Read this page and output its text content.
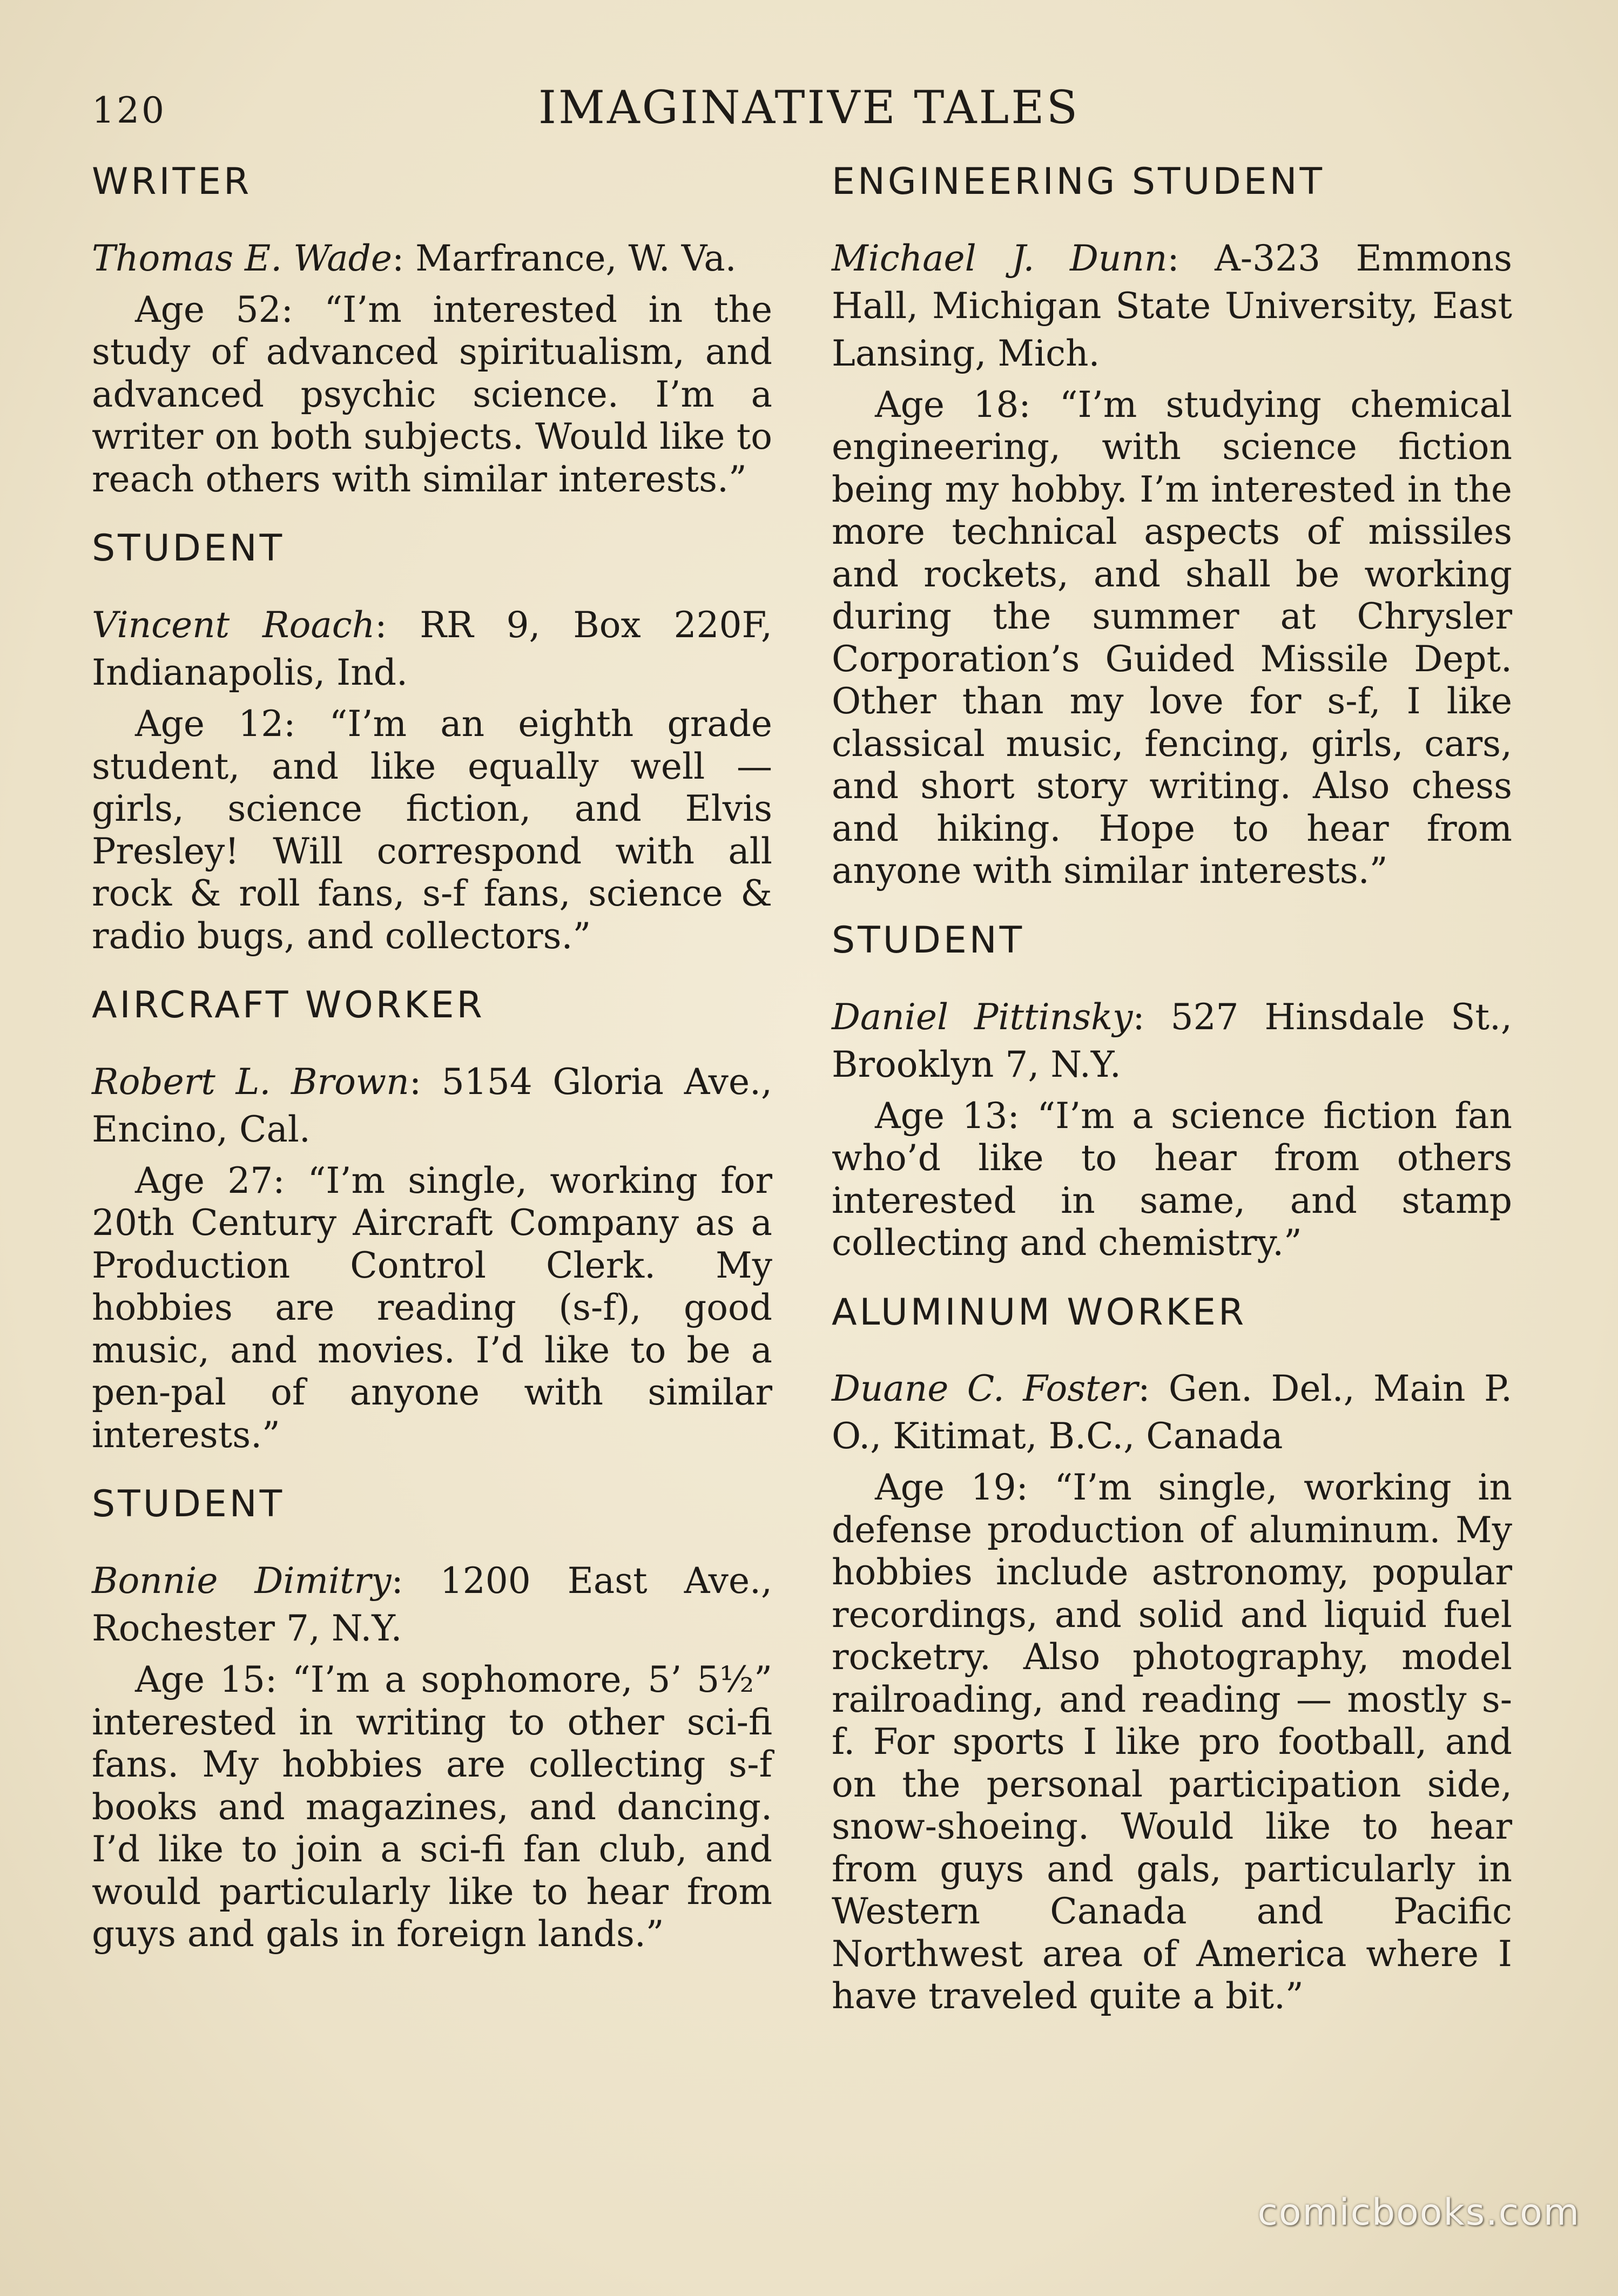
120	IMAGINATIVE TALES
WRITER

Thomas E. Wade: Marfrance, W. Va.

Age 52: “I’m interested in the study of advanced spiritualism, and advanced psychic science. I’m a writer on both subjects. Would like to reach others with similar interests.”

STUDENT

Vincent Roach: RR 9, Box 220F, Indianapolis, Ind.

Age 12: “I’m an eighth grade student, and like equally well — girls, science fiction, and Elvis Presley! Will correspond with all rock & roll fans, s-f fans, science & radio bugs, and collectors.”

AIRCRAFT WORKER

Robert L. Brown: 5154 Gloria Ave., Encino, Cal.

Age 27: “I’m single, working for 20th Century Aircraft Company as a Production Control Clerk. My hobbies are reading (s-f), good music, and movies. I’d like to be a pen-pal of anyone with similar interests.”

STUDENT

Bonnie Dimitry: 1200 East Ave., Rochester 7, N.Y.

Age 15: “I’m a sophomore, 5’ 5½” interested in writing to other sci-fi fans. My hobbies are collecting s-f books and magazines, and dancing. I’d like to join a sci-fi fan club, and would particularly like to hear from guys and gals in foreign lands.”

ENGINEERING STUDENT

Michael J. Dunn: A-323 Emmons Hall, Michigan State University, East Lansing, Mich.

Age 18: “I’m studying chemical engineering, with science fiction being my hobby. I’m interested in the more technical aspects of missiles and rockets, and shall be working during the summer at Chrysler Corporation’s Guided Missile Dept. Other than my love for s-f, I like classical music, fencing, girls, cars, and short story writing. Also chess and hiking. Hope to hear from anyone with similar interests.”

STUDENT

Daniel Pittinsky: 527 Hinsdale St., Brooklyn 7, N.Y.

Age 13: “I’m a science fiction fan who’d like to hear from others interested in same, and stamp collecting and chemistry.”

ALUMINUM WORKER

Duane C. Foster: Gen. Del., Main P. O., Kitimat, B.C., Canada

Age 19: “I’m single, working in defense production of aluminum. My hobbies include astronomy, popular recordings, and solid and liquid fuel rocketry. Also photography, model railroading, and reading — mostly s-f. For sports I like pro football, and on the personal participation side, snow-shoeing. Would like to hear from guys and gals, particularly in Western Canada and Pacific Northwest area of America where I have traveled quite a bit.”

comicbooks.com
